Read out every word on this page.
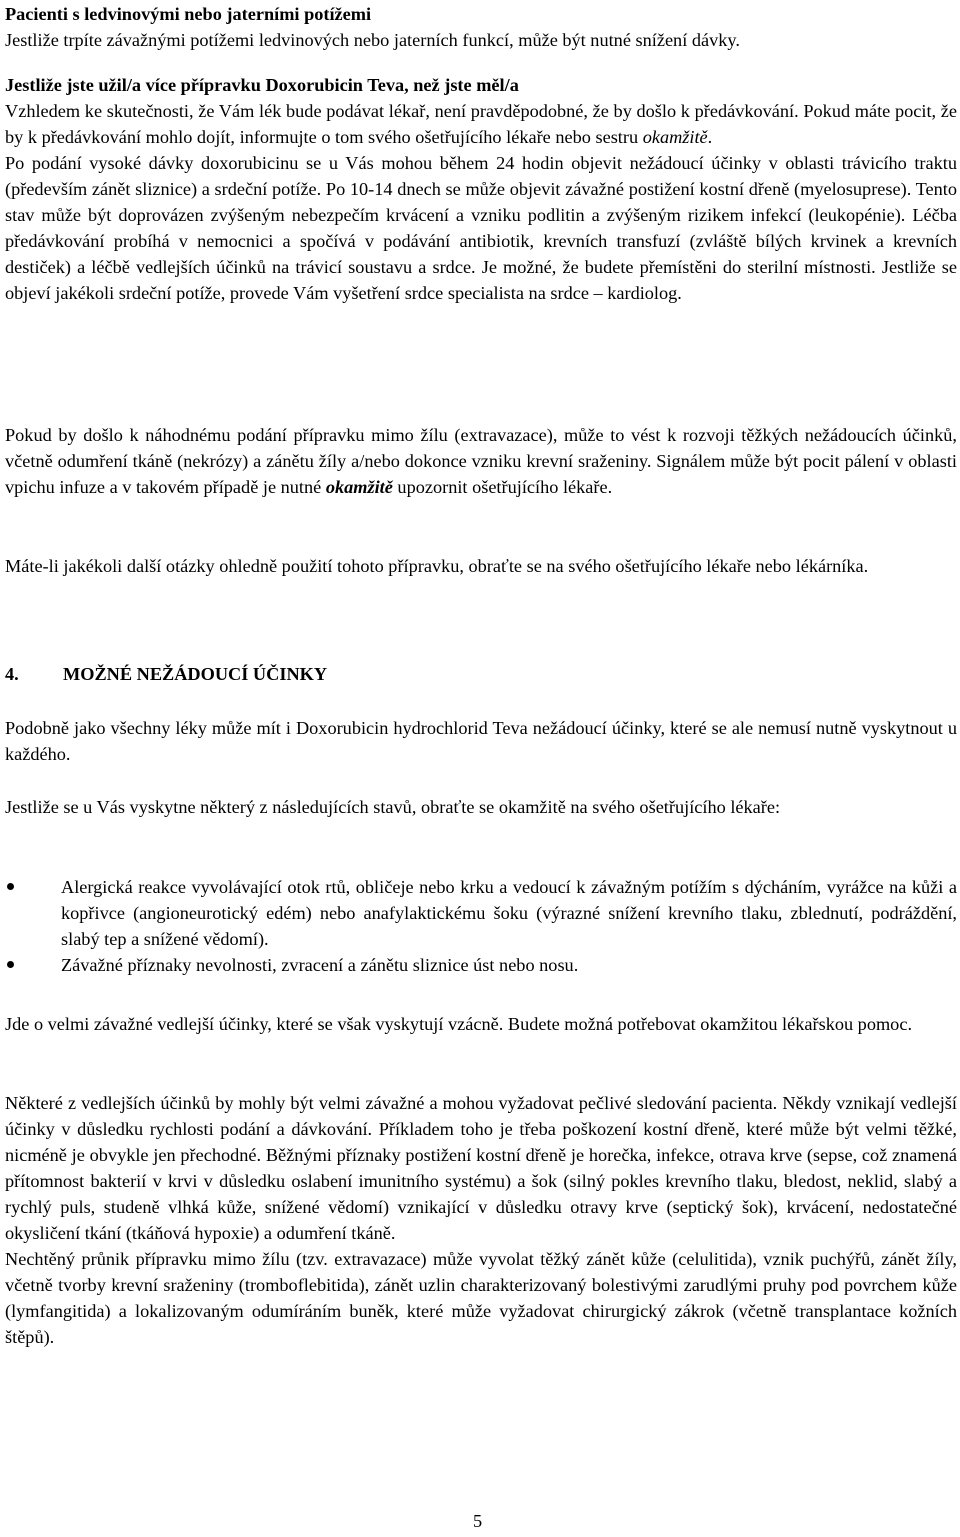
Pacienti s ledvinovými nebo jaterními potížemi

Jestliže trpíte závažnými potížemi ledvinových nebo jaterních funkcí, může být nutné snížení dávky.

Jestliže jste užil/a více přípravku Doxorubicin Teva, než jste měl/a

Vzhledem ke skutečnosti, že Vám lék bude podávat lékař, není pravděpodobné, že by došlo k předávkování. Pokud máte pocit, že by k předávkování mohlo dojít, informujte o tom svého ošetřujícího lékaře nebo sestru okamžitě.

Po podání vysoké dávky doxorubicinu se u Vás mohou během 24 hodin objevit nežádoucí účinky v oblasti trávicího traktu (především zánět sliznice) a srdeční potíže. Po 10-14 dnech se může objevit závažné postižení kostní dřeně (myelosuprese). Tento stav může být doprovázen zvýšeným nebezpečím krvácení a vzniku podlitin a zvýšeným rizikem infekcí (leukopénie). Léčba předávkování probíhá v nemocnici a spočívá v podávání antibiotik, krevních transfuzí (zvláště bílých krvinek a krevních destiček) a léčbě vedlejších účinků na trávicí soustavu a srdce. Je možné, že budete přemístěni do sterilní místnosti. Jestliže se objeví jakékoli srdeční potíže, provede Vám vyšetření srdce specialista na srdce – kardiolog.

Pokud by došlo k náhodnému podání přípravku mimo žílu (extravazace), může to vést k rozvoji těžkých nežádoucích účinků, včetně odumření tkáně (nekrózy) a zánětu žíly a/nebo dokonce vzniku krevní sraženiny. Signálem může být pocit pálení v oblasti vpichu infuze a v takovém případě je nutné okamžitě upozornit ošetřujícího lékaře.

Máte-li jakékoli další otázky ohledně použití tohoto přípravku, obraťte se na svého ošetřujícího lékaře nebo lékárníka.

4. MOŽNÉ NEŽÁDOUCÍ ÚČINKY

Podobně jako všechny léky může mít i Doxorubicin hydrochlorid Teva nežádoucí účinky, které se ale nemusí nutně vyskytnout u každého.

Jestliže se u Vás vyskytne některý z následujících stavů, obraťte se okamžitě na svého ošetřujícího lékaře:

Alergická reakce vyvolávající otok rtů, obličeje nebo krku a vedoucí k závažným potížím s dýcháním, vyrážce na kůži a kopřivce (angioneurotický edém) nebo anafylaktickému šoku (výrazné snížení krevního tlaku, zblednutí, podráždění, slabý tep a snížené vědomí).
Závažné příznaky nevolnosti, zvracení a zánětu sliznice úst nebo nosu.

Jde o velmi závažné vedlejší účinky, které se však vyskytují vzácně. Budete možná potřebovat okamžitou lékařskou pomoc.

Některé z vedlejších účinků by mohly být velmi závažné a mohou vyžadovat pečlivé sledování pacienta. Někdy vznikají vedlejší účinky v důsledku rychlosti podání a dávkování. Příkladem toho je třeba poškození kostní dřeně, které může být velmi těžké, nicméně je obvykle jen přechodné. Běžnými příznaky postižení kostní dřeně je horečka, infekce, otrava krve (sepse, což znamená přítomnost bakterií v krvi v důsledku oslabení imunitního systému) a šok (silný pokles krevního tlaku, bledost, neklid, slabý a rychlý puls, studeně vlhká kůže, snížené vědomí) vznikající v důsledku otravy krve (septický šok), krvácení, nedostatečné okysličení tkání (tkáňová hypoxie) a odumření tkáně.

Nechtěný průnik přípravku mimo žílu (tzv. extravazace) může vyvolat těžký zánět kůže (celulitida), vznik puchýřů, zánět žíly, včetně tvorby krevní sraženiny (tromboflebitida), zánět uzlin charakterizovaný bolestivými zarudlými pruhy pod povrchem kůže (lymfangitida) a lokalizovaným odumíráním buněk, které může vyžadovat chirurgický zákrok (včetně transplantace kožních štěpů).

5
